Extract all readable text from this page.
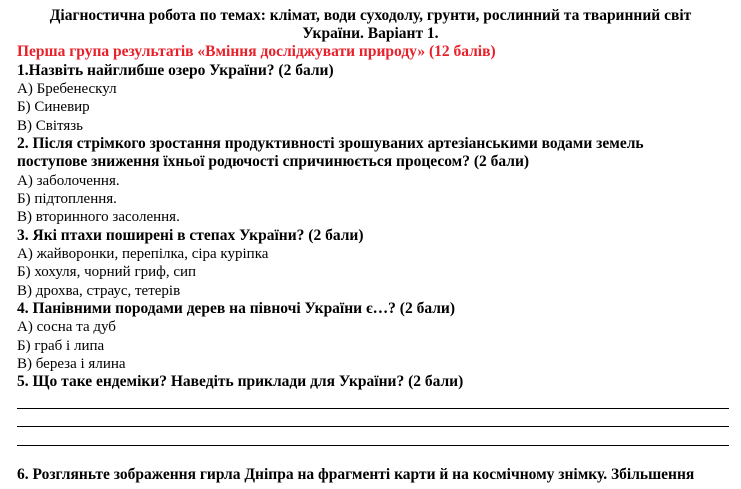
Діагностична робота по темах: клімат, води суходолу, грунти, рослинний та тваринний світ
України. Варіант 1.
Перша група результатів «Вміння досліджувати природу» (12 балів)
1.Назвіть найглибше озеро України? (2 бали)
А) Бребенескул
Б) Синевир
В) Світязь
2. Після стрімкого зростання продуктивності зрошуваних артезіанськими водами земель
поступове зниження їхньої родючості спричинюється процесом? (2 бали)
А) заболочення.
Б) підтоплення.
В) вторинного засолення.
3. Які птахи поширені в степах України? (2 бали)
А) жайворонки, перепілка, сіра куріпка
Б) хохуля, чорний гриф, сип
В) дрохва, страус, тетерів
4. Панівними породами дерев на півночі України є…? (2 бали)
А) сосна та дуб
Б) граб і липа
В) береза і ялина
5. Що таке ендеміки? Наведіть приклади для України? (2 бали)
6. Розгляньте зображення гирла Дніпра на фрагменті карти й на космічному знімку. Збільшення
